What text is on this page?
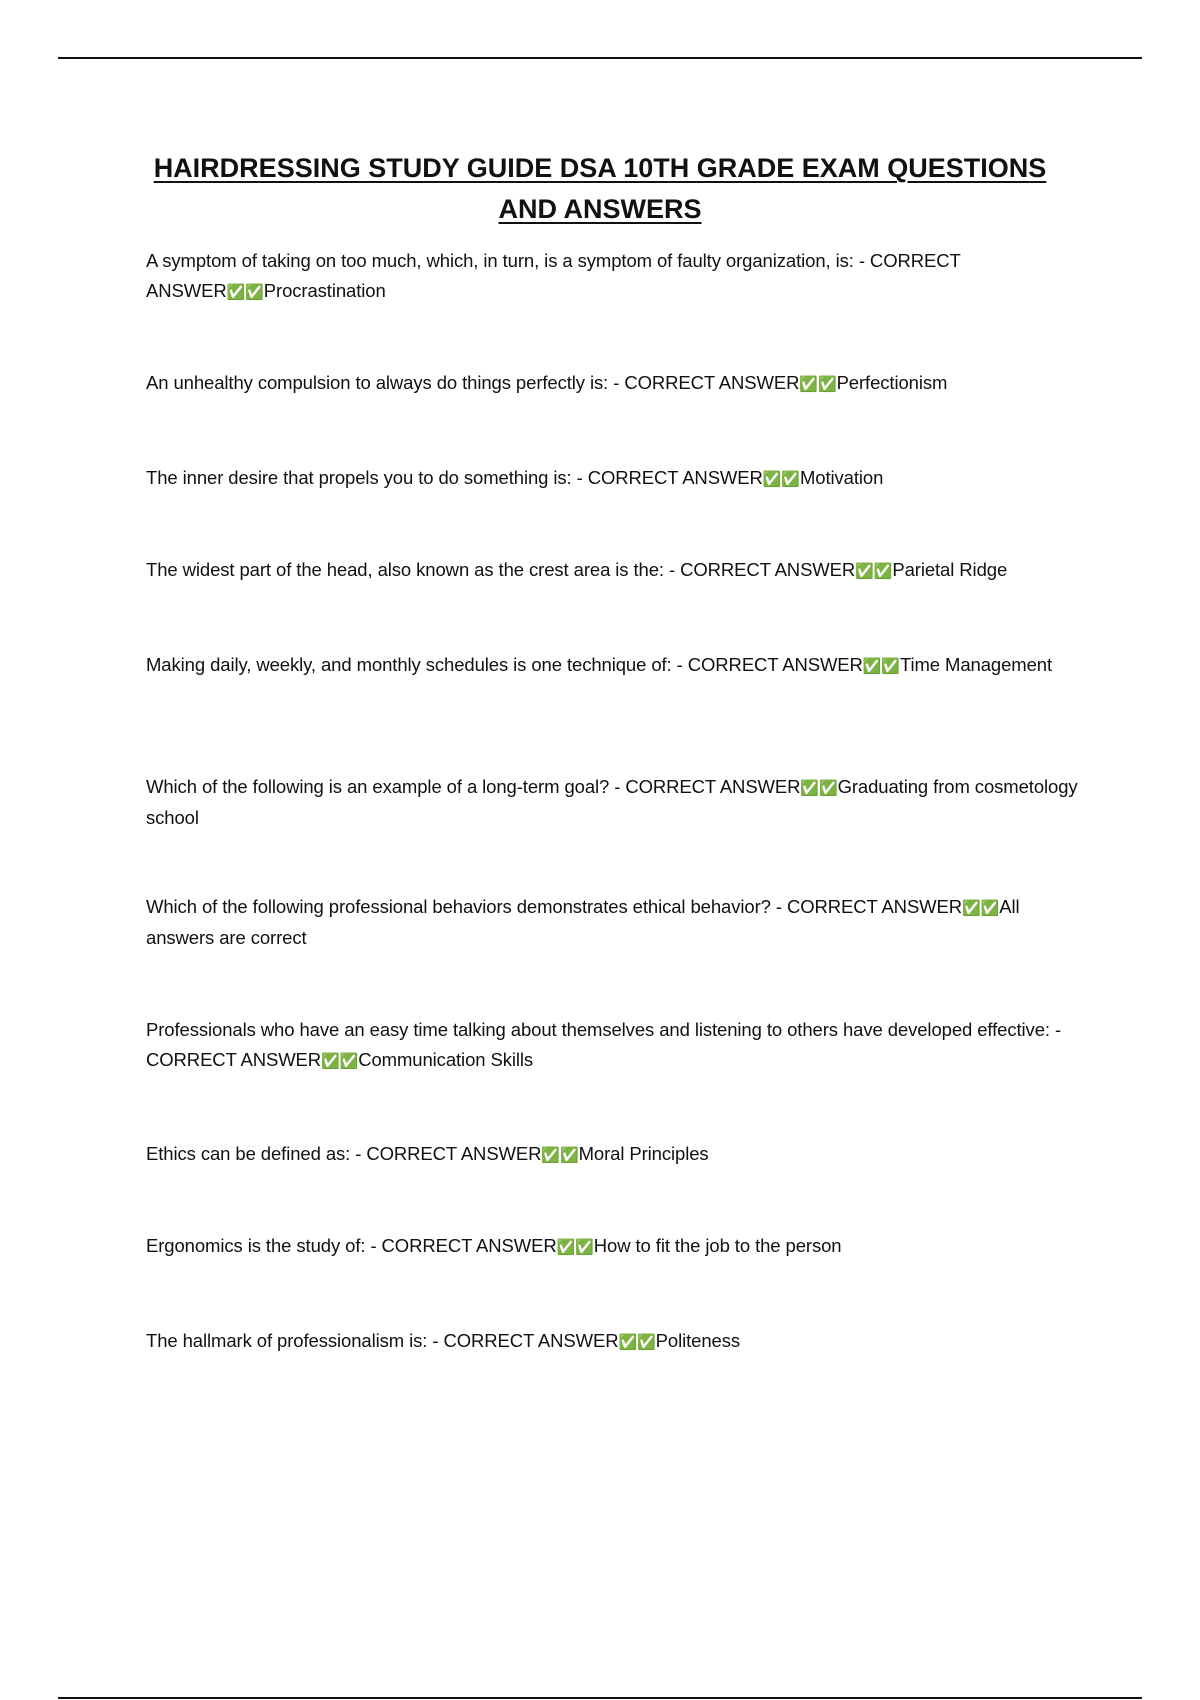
HAIRDRESSING STUDY GUIDE DSA 10TH GRADE EXAM QUESTIONS AND ANSWERS
A symptom of taking on too much, which, in turn, is a symptom of faulty organization, is: - CORRECT ANSWER✅✅Procrastination
An unhealthy compulsion to always do things perfectly is: - CORRECT ANSWER✅✅Perfectionism
The inner desire that propels you to do something is: - CORRECT ANSWER✅✅Motivation
The widest part of the head, also known as the crest area is the: - CORRECT ANSWER✅✅Parietal Ridge
Making daily, weekly, and monthly schedules is one technique of: - CORRECT ANSWER✅✅Time Management
Which of the following is an example of a long-term goal? - CORRECT ANSWER✅✅Graduating from cosmetology school
Which of the following professional behaviors demonstrates ethical behavior? - CORRECT ANSWER✅✅All answers are correct
Professionals who have an easy time talking about themselves and listening to others have developed effective: - CORRECT ANSWER✅✅Communication Skills
Ethics can be defined as: - CORRECT ANSWER✅✅Moral Principles
Ergonomics is the study of: - CORRECT ANSWER✅✅How to fit the job to the person
The hallmark of professionalism is: - CORRECT ANSWER✅✅Politeness
